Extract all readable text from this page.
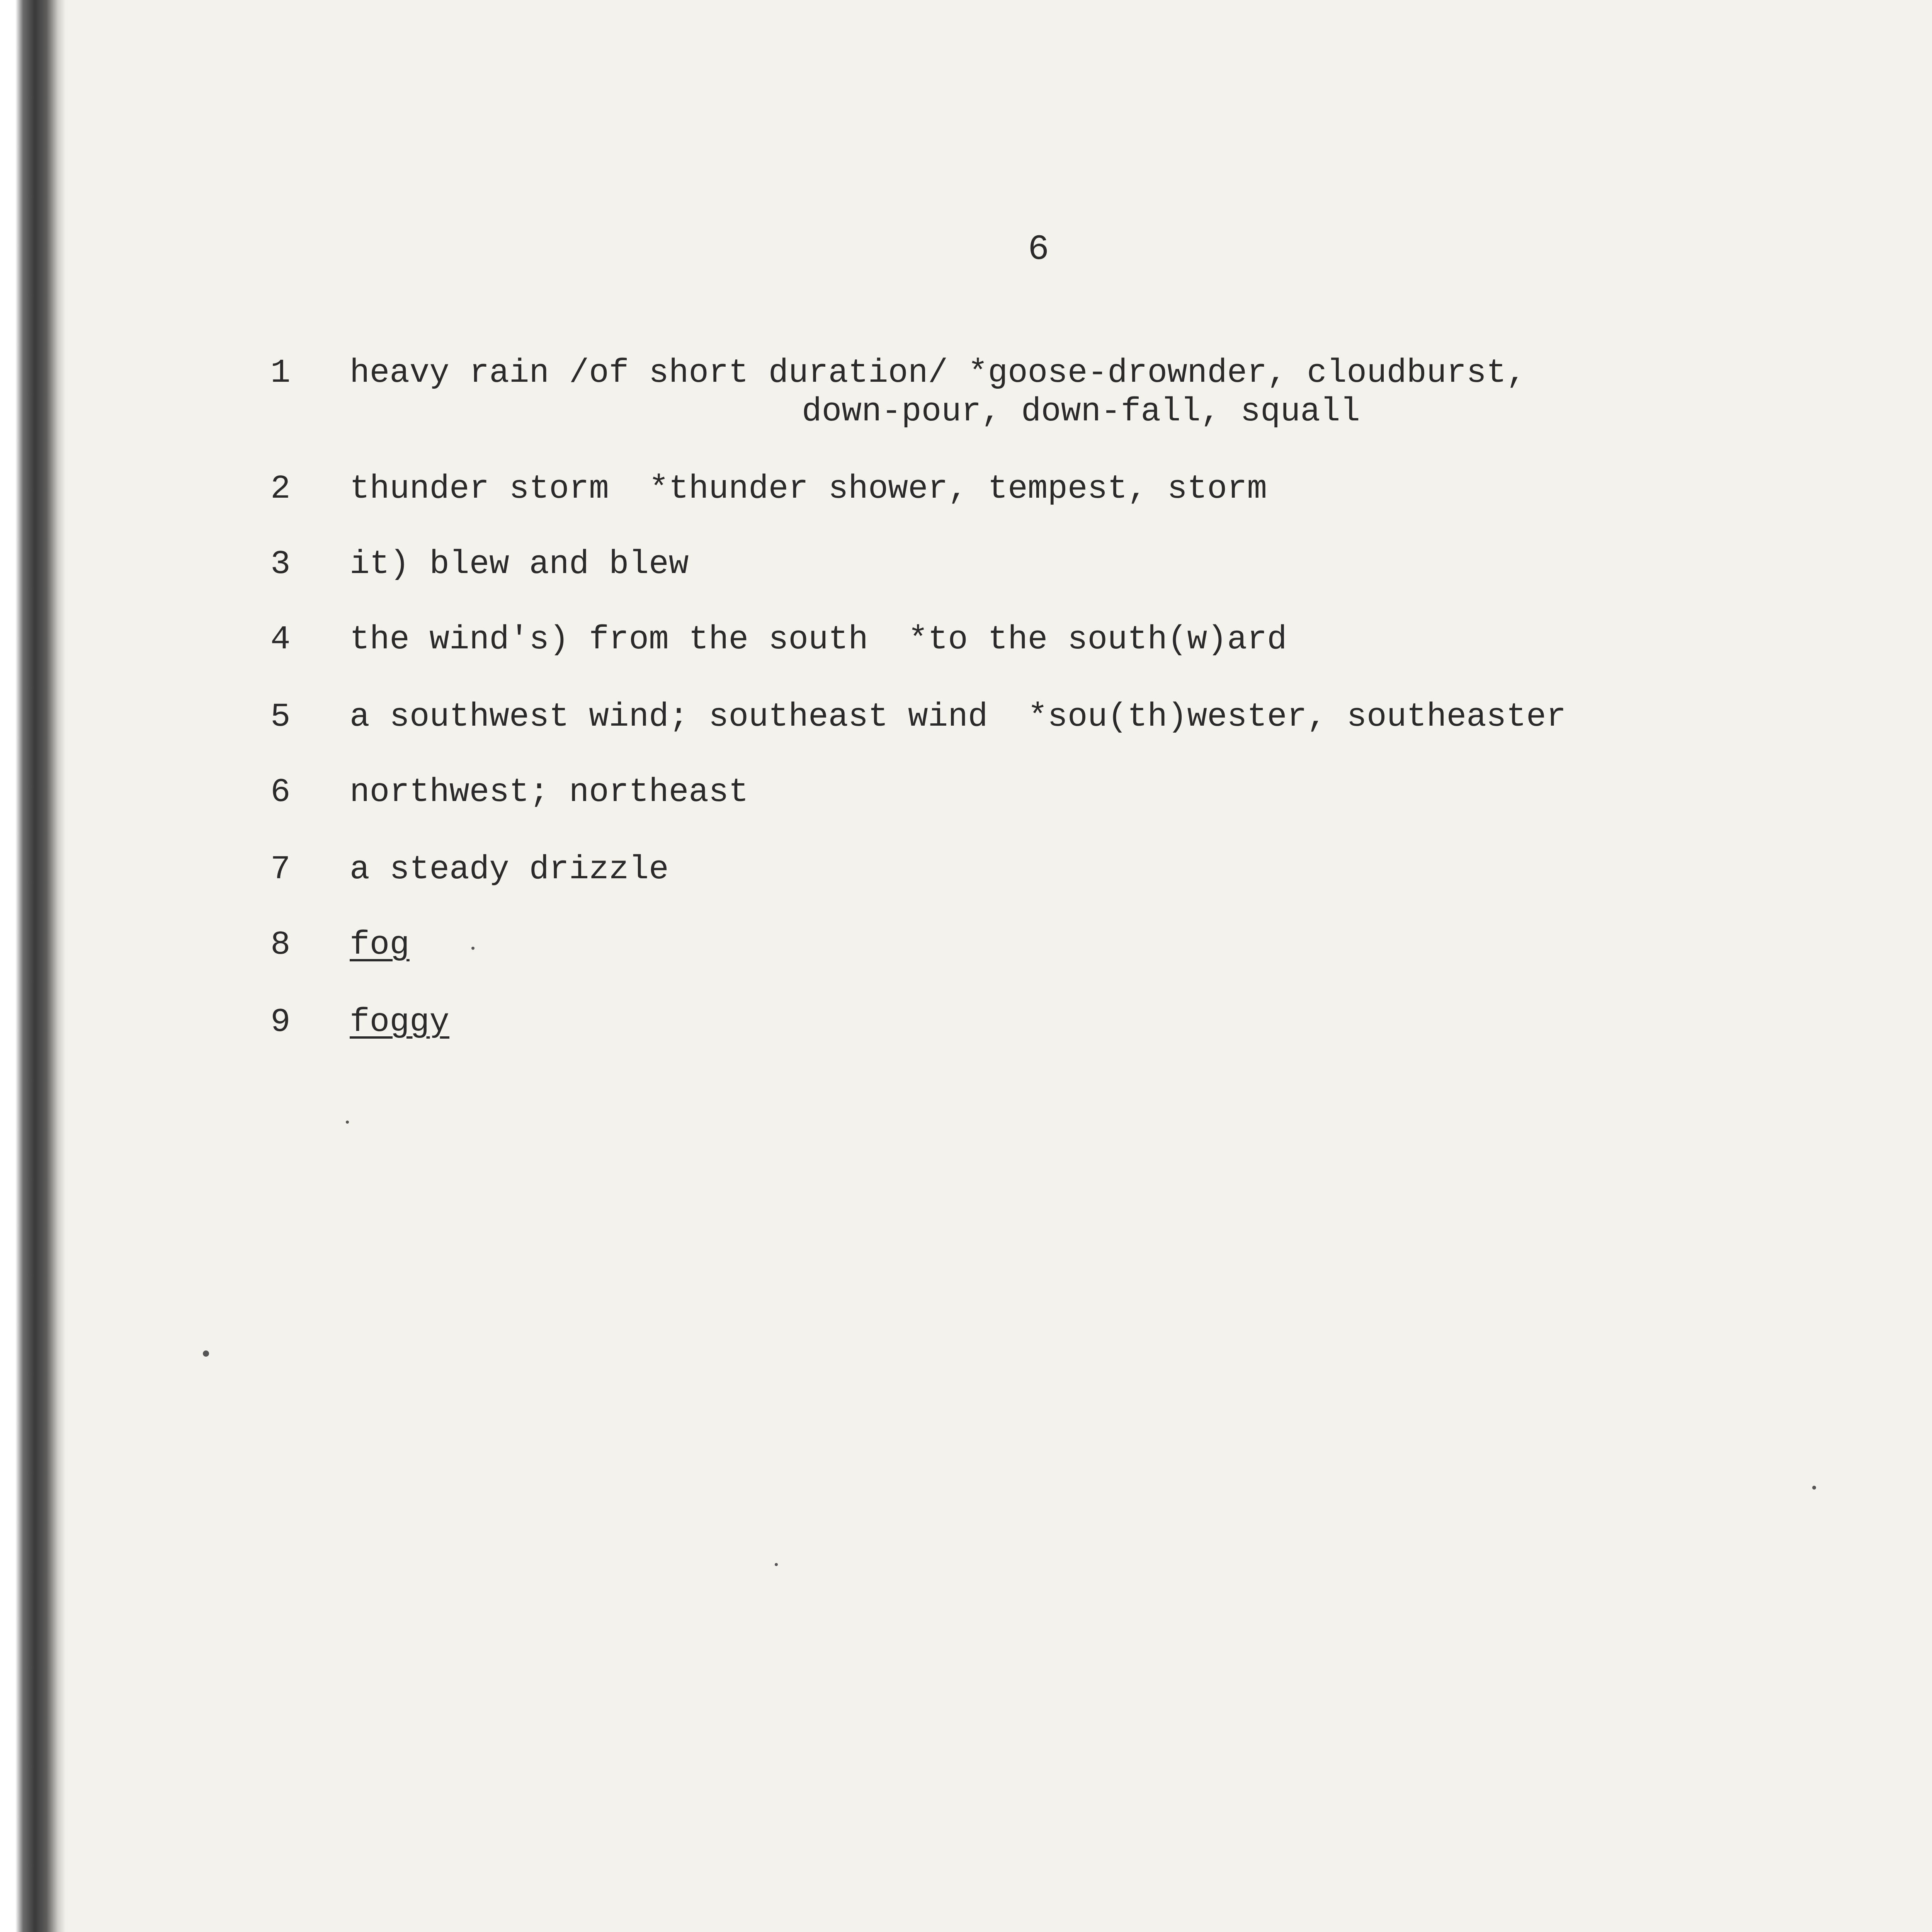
6

1

heavy rain /of short duration/ *goose-drownder, cloudburst,

down-pour, down-fall, squall

2

thunder storm  *thunder shower, tempest, storm

3

it) blew and blew

4

the wind's) from the south  *to the south(w)ard

5

a southwest wind; southeast wind  *sou(th)wester, southeaster

6

northwest; northeast

7

a steady drizzle

8

fog

9

foggy
